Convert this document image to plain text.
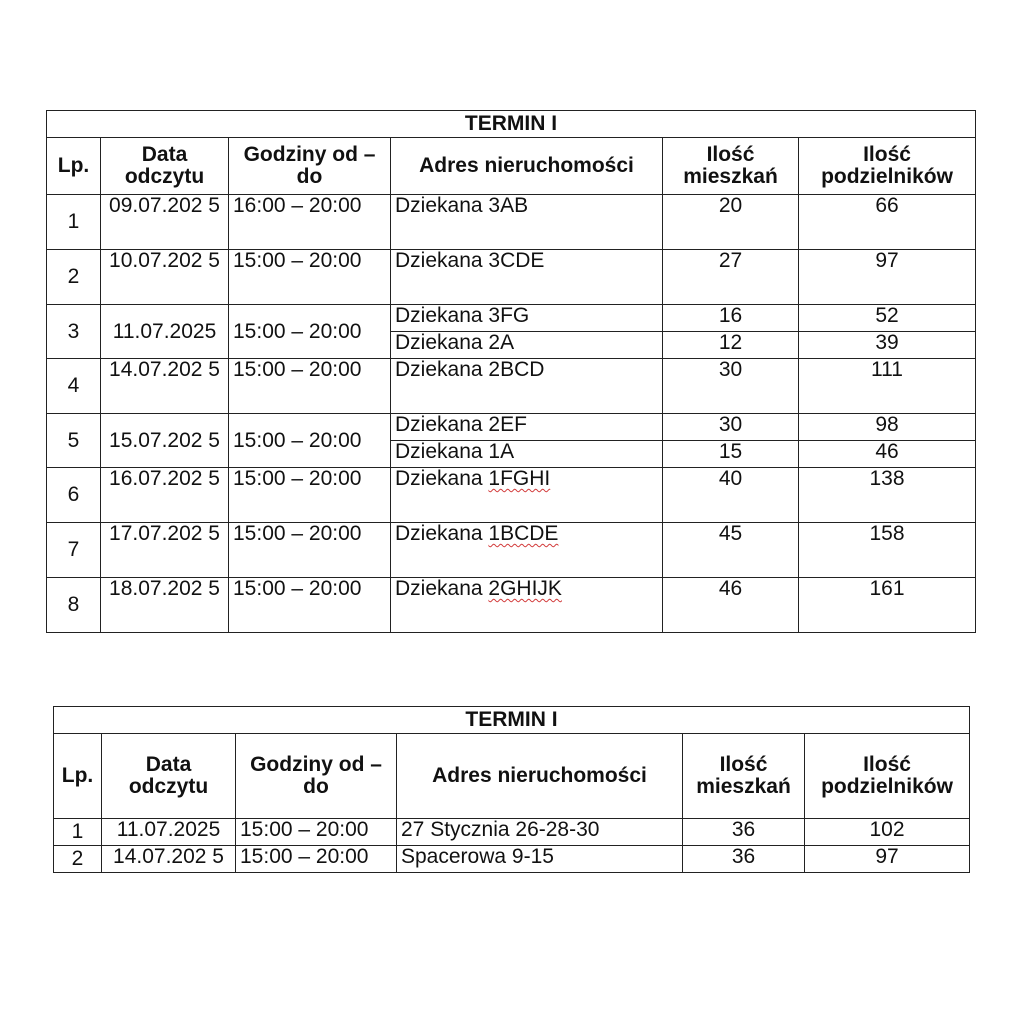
TERMIN I					
Lp.	Data odczytu	Godziny od – do	Adres nieruchomości	Ilość mieszkań	Ilość podzielników
1	09.07.202 5	16:00 – 20:00	Dziekana 3AB	20	66
2	10.07.202 5	15:00 – 20:00	Dziekana 3CDE	27	97
3	11.07.2025	15:00 – 20:00	Dziekana 3FG	16	52
			Dziekana 2A	12	39
4	14.07.202 5	15:00 – 20:00	Dziekana 2BCD	30	111
5	15.07.202 5	15:00 – 20:00	Dziekana 2EF	30	98
			Dziekana 1A	15	46
6	16.07.202 5	15:00 – 20:00	Dziekana 1FGHI	40	138
7	17.07.202 5	15:00 – 20:00	Dziekana 1BCDE	45	158
8	18.07.202 5	15:00 – 20:00	Dziekana 2GHIJK	46	161
TERMIN I					
Lp.	Data odczytu	Godziny od – do	Adres nieruchomości	Ilość mieszkań	Ilość podzielników
1	11.07.2025	15:00 – 20:00	27 Stycznia 26-28-30	36	102
2	14.07.202 5	15:00 – 20:00	Spacerowa 9-15	36	97
